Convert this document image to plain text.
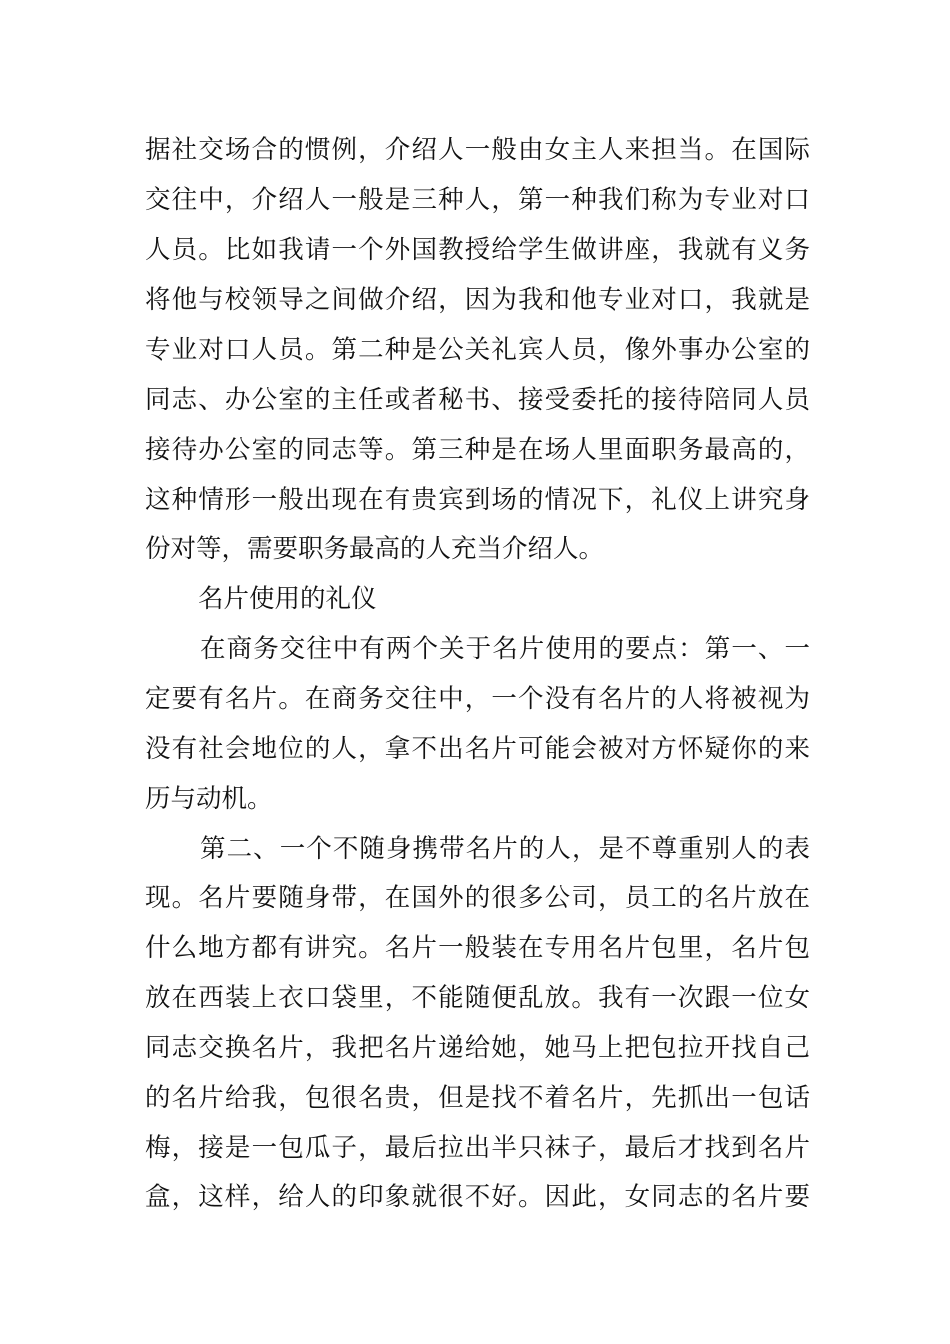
据社交场合的惯例，介绍人一般由女主人来担当。在国际
交往中，介绍人一般是三种人，第一种我们称为专业对口
人员。比如我请一个外国教授给学生做讲座，我就有义务
将他与校领导之间做介绍，因为我和他专业对口，我就是
专业对口人员。第二种是公关礼宾人员，像外事办公室的
同志、办公室的主任或者秘书、接受委托的接待陪同人员
接待办公室的同志等。第三种是在场人里面职务最高的，
这种情形一般出现在有贵宾到场的情况下，礼仪上讲究身
份对等，需要职务最高的人充当介绍人。
名片使用的礼仪
在商务交往中有两个关于名片使用的要点：第一、一
定要有名片。在商务交往中，一个没有名片的人将被视为
没有社会地位的人，拿不出名片可能会被对方怀疑你的来
历与动机。
第二、一个不随身携带名片的人，是不尊重别人的表
现。名片要随身带，在国外的很多公司，员工的名片放在
什么地方都有讲究。名片一般装在专用名片包里，名片包
放在西装上衣口袋里，不能随便乱放。我有一次跟一位女
同志交换名片，我把名片递给她，她马上把包拉开找自己
的名片给我，包很名贵，但是找不着名片，先抓出一包话
梅，接是一包瓜子，最后拉出半只袜子，最后才找到名片
盒，这样，给人的印象就很不好。因此，女同志的名片要
